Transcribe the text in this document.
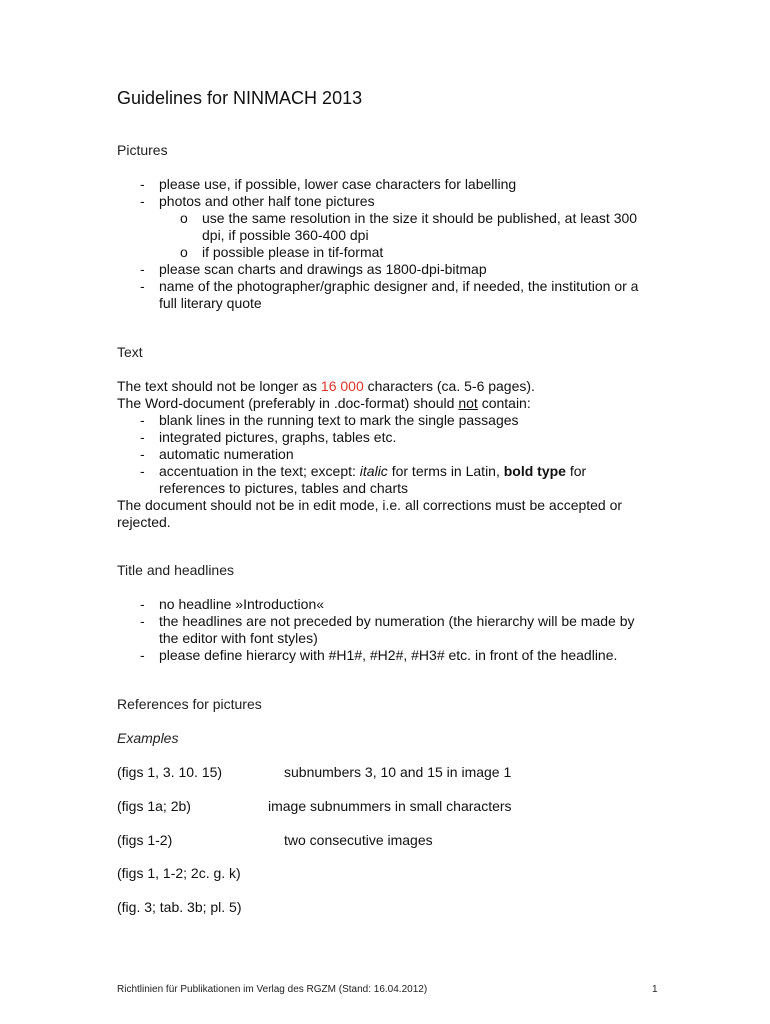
Guidelines for NINMACH 2013
Pictures
- please use, if possible, lower case characters for labelling
- photos and other half tone pictures
o use the same resolution in the size it should be published, at least 300
dpi, if possible 360-400 dpi
o if possible please in tif-format
- please scan charts and drawings as 1800-dpi-bitmap
- name of the photographer/graphic designer and, if needed, the institution or a
full literary quote
Text
The text should not be longer as 16 000 characters (ca. 5-6 pages).
The Word-document (preferably in .doc-format) should not contain:
- blank lines in the running text to mark the single passages
- integrated pictures, graphs, tables etc.
- automatic numeration
- accentuation in the text; except: italic for terms in Latin, bold type for
references to pictures, tables and charts
The document should not be in edit mode, i.e. all corrections must be accepted or
rejected.
Title and headlines
- no headline »Introduction«
- the headlines are not preceded by numeration (the hierarchy will be made by
the editor with font styles)
- please define hierarcy with #H1#, #H2#, #H3# etc. in front of the headline.
References for pictures
Examples
(figs 1, 3. 10. 15)	subnumbers 3, 10 and 15 in image 1
(figs 1a; 2b)	image subnummers in small characters
(figs 1-2)	two consecutive images
(figs 1, 1-2; 2c. g. k)
(fig. 3; tab. 3b; pl. 5)
Richtlinien für Publikationen im Verlag des RGZM (Stand: 16.04.2012)	1
